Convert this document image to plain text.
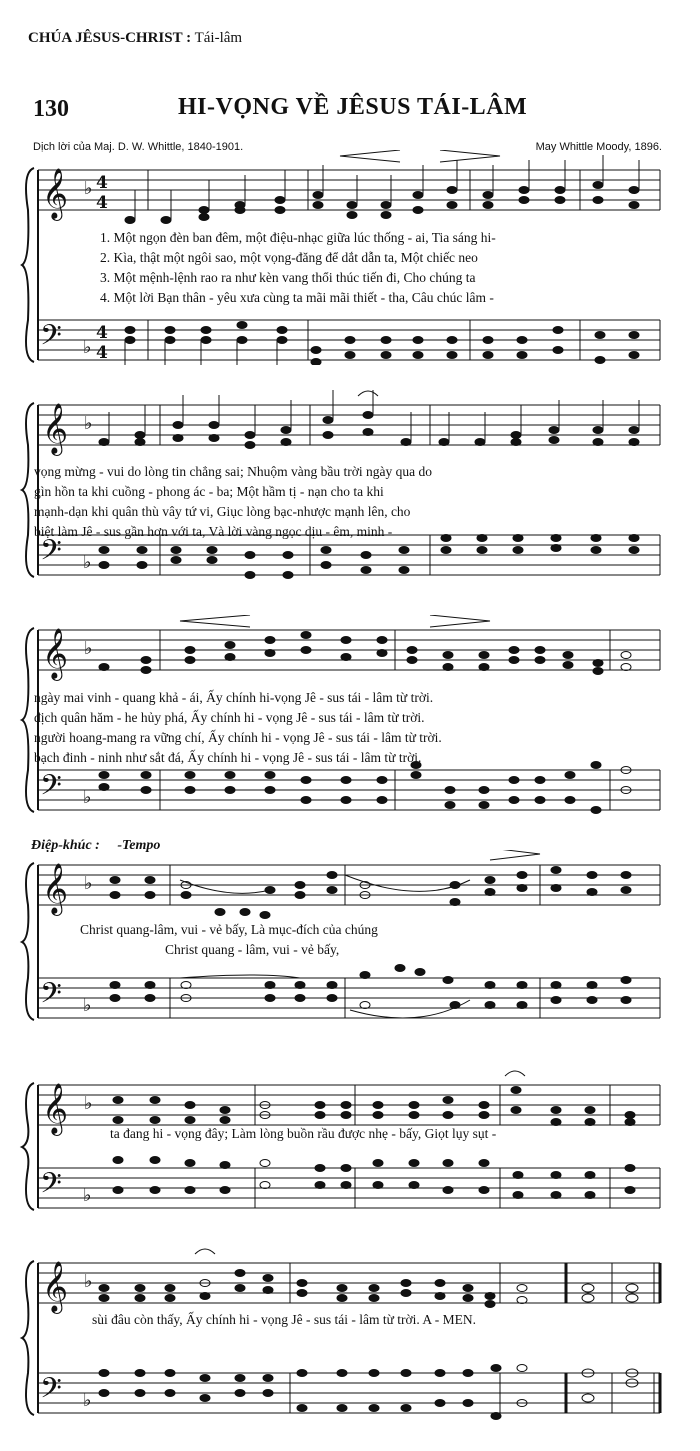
CHÚA JÊSUS-CHRIST : Tái-lâm
130	HI-VỌNG VỀ JÊSUS TÁI-LÂM
Dịch lời của Maj. D. W. Whittle, 1840-1901.	May Whittle Moody, 1896.
𝄞
𝄢
♭
♭
4
4
4
4
1. Một ngọn đèn ban đêm, một điệu-nhạc giữa lúc thống - ai, Tia sáng hi-
2. Kìa, thật một ngôi sao, một vọng-đăng để dắt dẫn ta, Một chiếc neo
3. Một mệnh-lệnh rao ra như kèn vang thổi thúc tiến đi, Cho chúng ta
4. Một lời Bạn thân - yêu xưa cùng ta mãi mãi thiết - tha, Câu chúc lâm -
𝄞
𝄢
♭
♭
vọng mừng - vui do lòng tin chẳng sai; Nhuộm vàng bầu trời ngày qua do
gìn hồn ta khi cuồng - phong ác - ba; Một hầm tị - nạn cho ta khi
mạnh-dạn khi quân thù vây tứ vi, Giục lòng bạc-nhược mạnh lên, cho
biệt làm Jê - sus gần hơn với ta, Và lời vàng ngọc dịu - êm, minh -
𝄞
𝄢
♭
♭
ngày mai vinh - quang khả - ái, Ấy chính hi-vọng Jê - sus tái - lâm từ trời.
địch quân hăm - he hủy phá, Ấy chính hi - vọng Jê - sus tái - lâm từ trời.
người hoang-mang ra vững chí, Ấy chính hi - vọng Jê - sus tái - lâm từ trời.
bạch đinh - ninh như sắt đá, Ấy chính hi - vọng Jê - sus tái - lâm từ trời.
Điệp-khúc : -Tempo
𝄞
𝄢
♭
♭
Christ quang-lâm, vui - vẻ bấy, Là mục-đích của chúng
Christ quang - lâm, vui - vẻ bấy,
𝄞
𝄢
♭
♭
ta đang hi - vọng đây; Làm lòng buồn rầu được nhẹ - bấy, Giọt lụy sụt -
𝄞
𝄢
♭
♭
sùi đâu còn thấy, Ấy chính hi - vọng Jê - sus tái - lâm từ trời. A - MEN.
